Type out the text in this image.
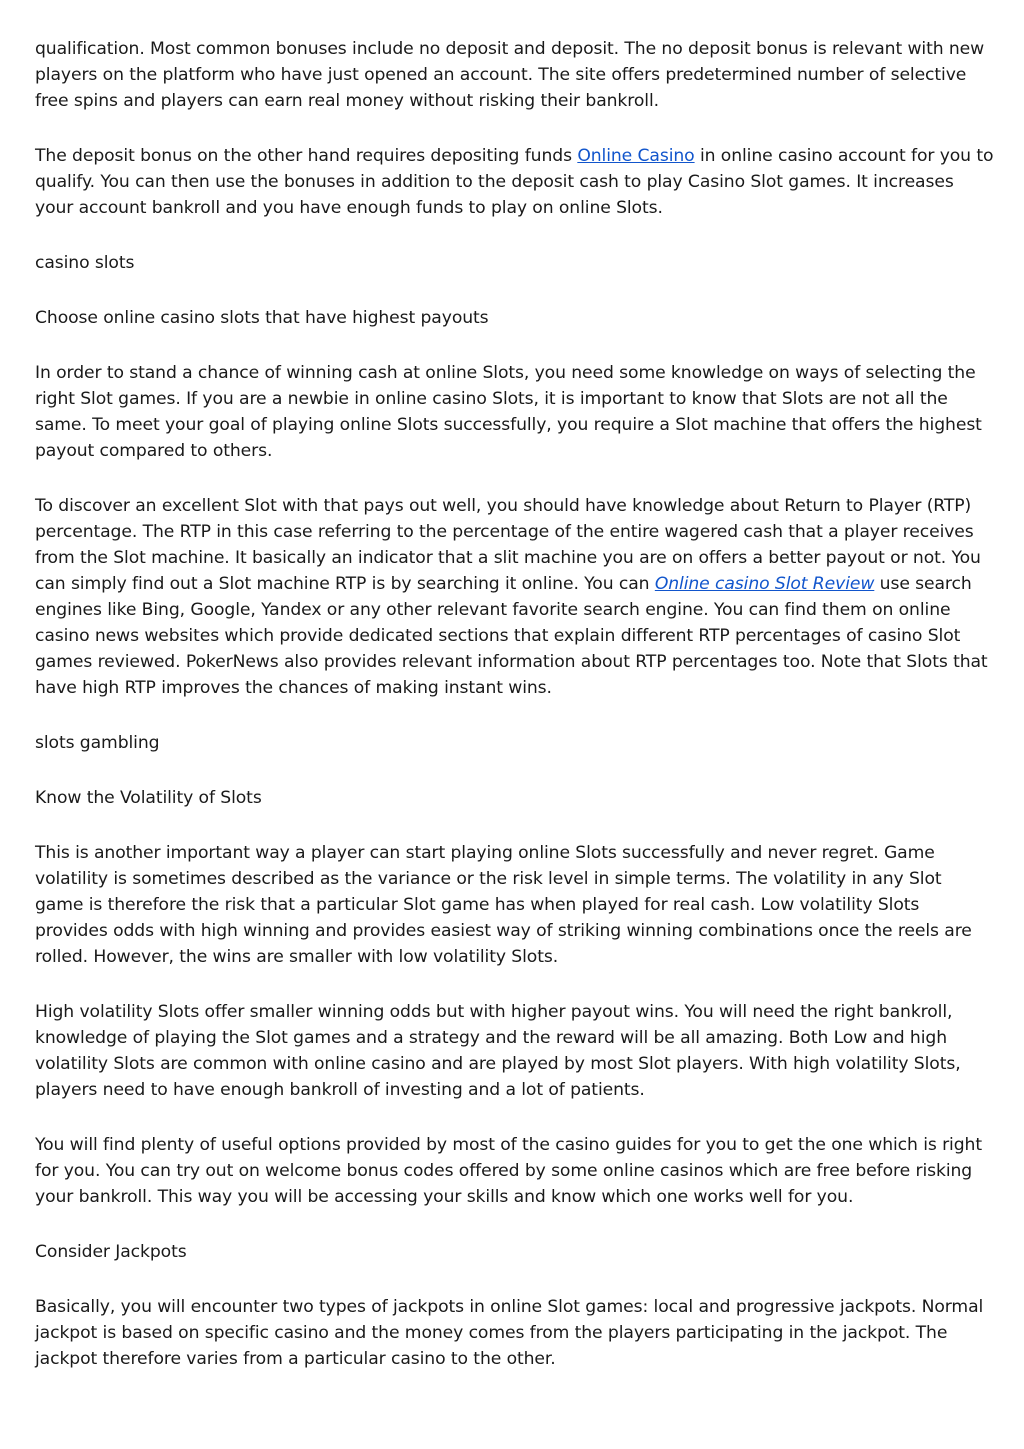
qualification. Most common bonuses include no deposit and deposit. The no deposit bonus is relevant with new players on the platform who have just opened an account. The site offers predetermined number of selective free spins and players can earn real money without risking their bankroll.

The deposit bonus on the other hand requires depositing funds Online Casino in online casino account for you to qualify. You can then use the bonuses in addition to the deposit cash to play Casino Slot games. It increases your account bankroll and you have enough funds to play on online Slots.

casino slots

Choose online casino slots that have highest payouts

In order to stand a chance of winning cash at online Slots, you need some knowledge on ways of selecting the right Slot games. If you are a newbie in online casino Slots, it is important to know that Slots are not all the same. To meet your goal of playing online Slots successfully, you require a Slot machine that offers the highest payout compared to others.

To discover an excellent Slot with that pays out well, you should have knowledge about Return to Player (RTP) percentage. The RTP in this case referring to the percentage of the entire wagered cash that a player receives from the Slot machine. It basically an indicator that a slit machine you are on offers a better payout or not. You can simply find out a Slot machine RTP is by searching it online. You can Online casino Slot Review use search engines like Bing, Google, Yandex or any other relevant favorite search engine. You can find them on online casino news websites which provide dedicated sections that explain different RTP percentages of casino Slot games reviewed. PokerNews also provides relevant information about RTP percentages too. Note that Slots that have high RTP improves the chances of making instant wins.

slots gambling

Know the Volatility of Slots

This is another important way a player can start playing online Slots successfully and never regret. Game volatility is sometimes described as the variance or the risk level in simple terms. The volatility in any Slot game is therefore the risk that a particular Slot game has when played for real cash. Low volatility Slots provides odds with high winning and provides easiest way of striking winning combinations once the reels are rolled. However, the wins are smaller with low volatility Slots.

High volatility Slots offer smaller winning odds but with higher payout wins. You will need the right bankroll, knowledge of playing the Slot games and a strategy and the reward will be all amazing. Both Low and high volatility Slots are common with online casino and are played by most Slot players. With high volatility Slots, players need to have enough bankroll of investing and a lot of patients.

You will find plenty of useful options provided by most of the casino guides for you to get the one which is right for you. You can try out on welcome bonus codes offered by some online casinos which are free before risking your bankroll. This way you will be accessing your skills and know which one works well for you.

Consider Jackpots

Basically, you will encounter two types of jackpots in online Slot games: local and progressive jackpots. Normal jackpot is based on specific casino and the money comes from the players participating in the jackpot. The jackpot therefore varies from a particular casino to the other.
